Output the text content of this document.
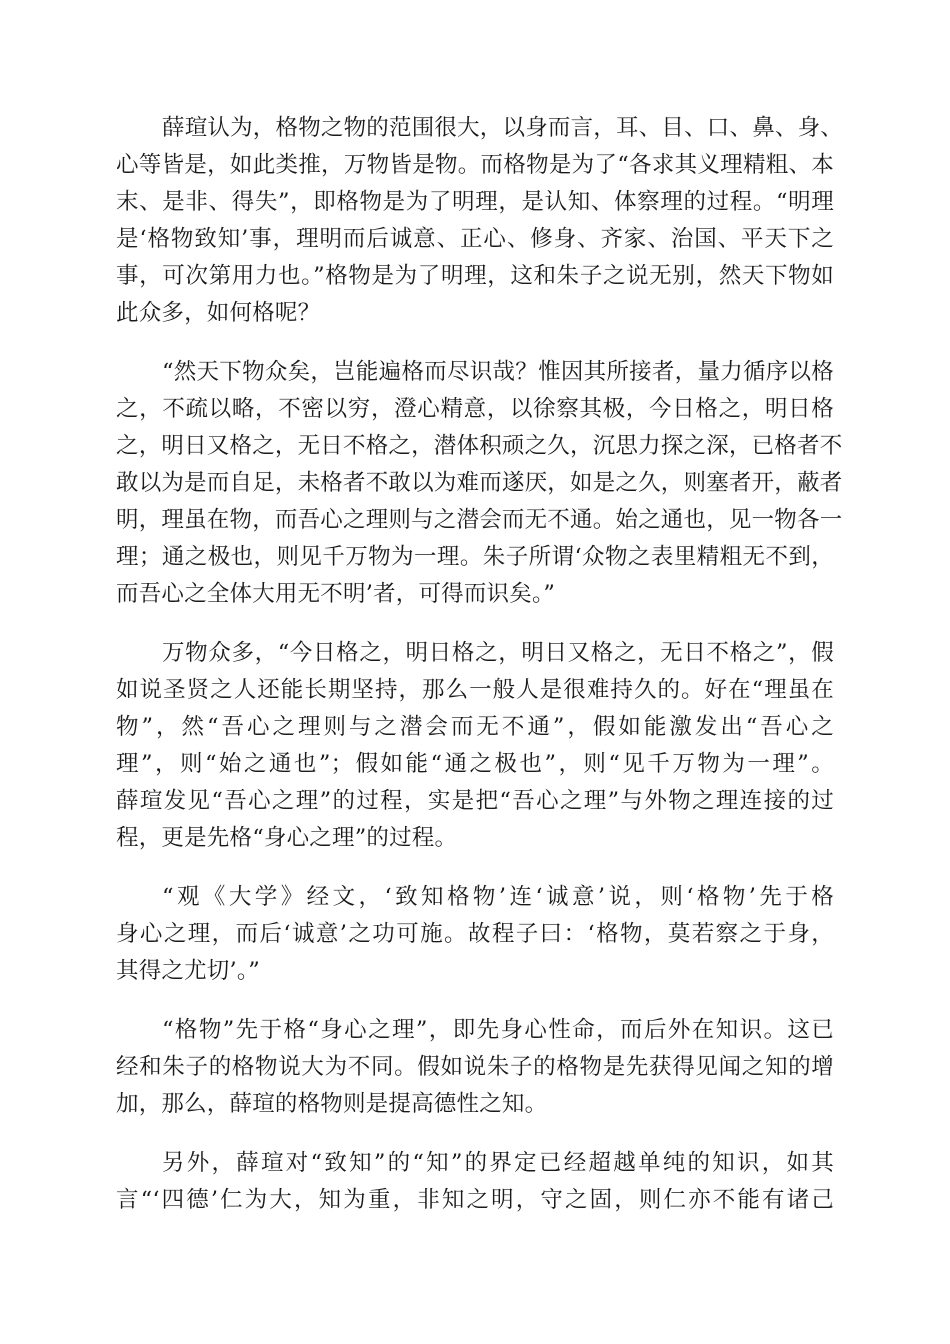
薛瑄认为，格物之物的范围很大，以身而言，耳、目、口、鼻、身、
心等皆是，如此类推，万物皆是物。而格物是为了“各求其义理精粗、本
末、是非、得失”，即格物是为了明理，是认知、体察理的过程。“明理
是‘格物致知’事，理明而后诚意、正心、修身、齐家、治国、平天下之
事，可次第用力也。”格物是为了明理，这和朱子之说无别，然天下物如
此众多，如何格呢？
“然天下物众矣，岂能遍格而尽识哉？惟因其所接者，量力循序以格
之，不疏以略，不密以穷，澄心精意，以徐察其极，今日格之，明日格
之，明日又格之，无日不格之，潜体积顽之久，沉思力探之深，已格者不
敢以为是而自足，未格者不敢以为难而遂厌，如是之久，则塞者开，蔽者
明，理虽在物，而吾心之理则与之潜会而无不通。始之通也，见一物各一
理；通之极也，则见千万物为一理。朱子所谓‘众物之表里精粗无不到，
而吾心之全体大用无不明’者，可得而识矣。”
万物众多，“今日格之，明日格之，明日又格之，无日不格之”，假
如说圣贤之人还能长期坚持，那么一般人是很难持久的。好在“理虽在
物”，然“吾心之理则与之潜会而无不通”，假如能激发出“吾心之
理”，则“始之通也”；假如能“通之极也”，则“见千万物为一理”。
薛瑄发见“吾心之理”的过程，实是把“吾心之理”与外物之理连接的过
程，更是先格“身心之理”的过程。
“观《大学》经文，‘致知格物’连‘诚意’说，则‘格物’先于格
身心之理，而后‘诚意’之功可施。故程子曰：‘格物，莫若察之于身，
其得之尤切’。”
“格物”先于格“身心之理”，即先身心性命，而后外在知识。这已
经和朱子的格物说大为不同。假如说朱子的格物是先获得见闻之知的增
加，那么，薛瑄的格物则是提高德性之知。
另外，薛瑄对“致知”的“知”的界定已经超越单纯的知识，如其
言“‘四德’仁为大，知为重，非知之明，守之固，则仁亦不能有诸己
